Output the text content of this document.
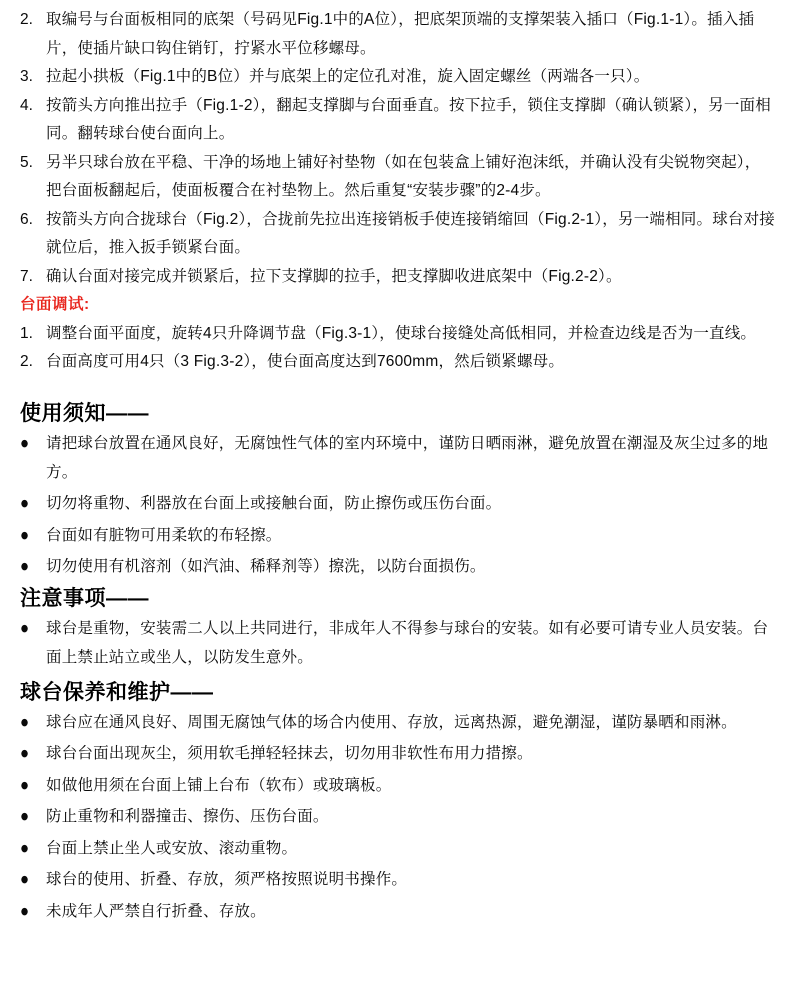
2. 取编号与台面板相同的底架（号码见Fig.1中的A位），把底架顶端的支撑架装入插口（Fig.1-1）。插入插片，使插片缺口钩住销钉，拧紧水平位移螺母。
3. 拉起小拱板（Fig.1中的B位）并与底架上的定位孔对准，旋入固定螺丝（两端各一只）。
4. 按箭头方向推出拉手（Fig.1-2），翻起支撑脚与台面垂直。按下拉手，锁住支撑脚（确认锁紧），另一面相同。翻转球台使台面向上。
5. 另半只球台放在平稳、干净的场地上铺好衬垫物（如在包装盒上铺好泡沫纸，并确认没有尖锐物突起），把台面板翻起后，使面板覆合在衬垫物上。然后重复“安装步骤”的2-4步。
6. 按箭头方向合拢球台（Fig.2），合拢前先拉出连接销板手使连接销缩回（Fig.2-1），另一端相同。球台对接就位后，推入扳手锁紧台面。
7. 确认台面对接完成并锁紧后，拉下支撑脚的拉手，把支撑脚收进底架中（Fig.2-2）。
台面调试:
1. 调整台面平面度，旋转4只升降调节盘（Fig.3-1），使球台接缝处高低相同，并检查边线是否为一直线。
2. 台面高度可用4只（3 Fig.3-2），使台面高度达到7600mm，然后锁紧螺母。
使用须知——
●	请把球台放置在通风良好，无腐蚀性气体的室内环境中，谨防日晒雨淋，避免放置在潮湿及灰尘过多的地方。
●	切勿将重物、利器放在台面上或接触台面，防止擦伤或压伤台面。
●	台面如有脏物可用柔软的布轻擦。
●	切勿使用有机溶剂（如汽油、稀释剂等）擦洗，以防台面损伤。
注意事项——
●	球台是重物，安装需二人以上共同进行，非成年人不得参与球台的安装。如有必要可请专业人员安装。台面上禁止站立或坐人，以防发生意外。
球台保养和维护——
●	球台应在通风良好、周围无腐蚀气体的场合内使用、存放，远离热源，避免潮湿，谨防暴晒和雨淋。
●	球台台面出现灰尘，须用软毛掸轻轻抹去，切勿用非软性布用力措擦。
●	如做他用须在台面上铺上台布（软布）或玻璃板。
●	防止重物和利器撞击、擦伤、压伤台面。
●	台面上禁止坐人或安放、滚动重物。
●	球台的使用、折叠、存放，须严格按照说明书操作。
●	未成年人严禁自行折叠、存放。
